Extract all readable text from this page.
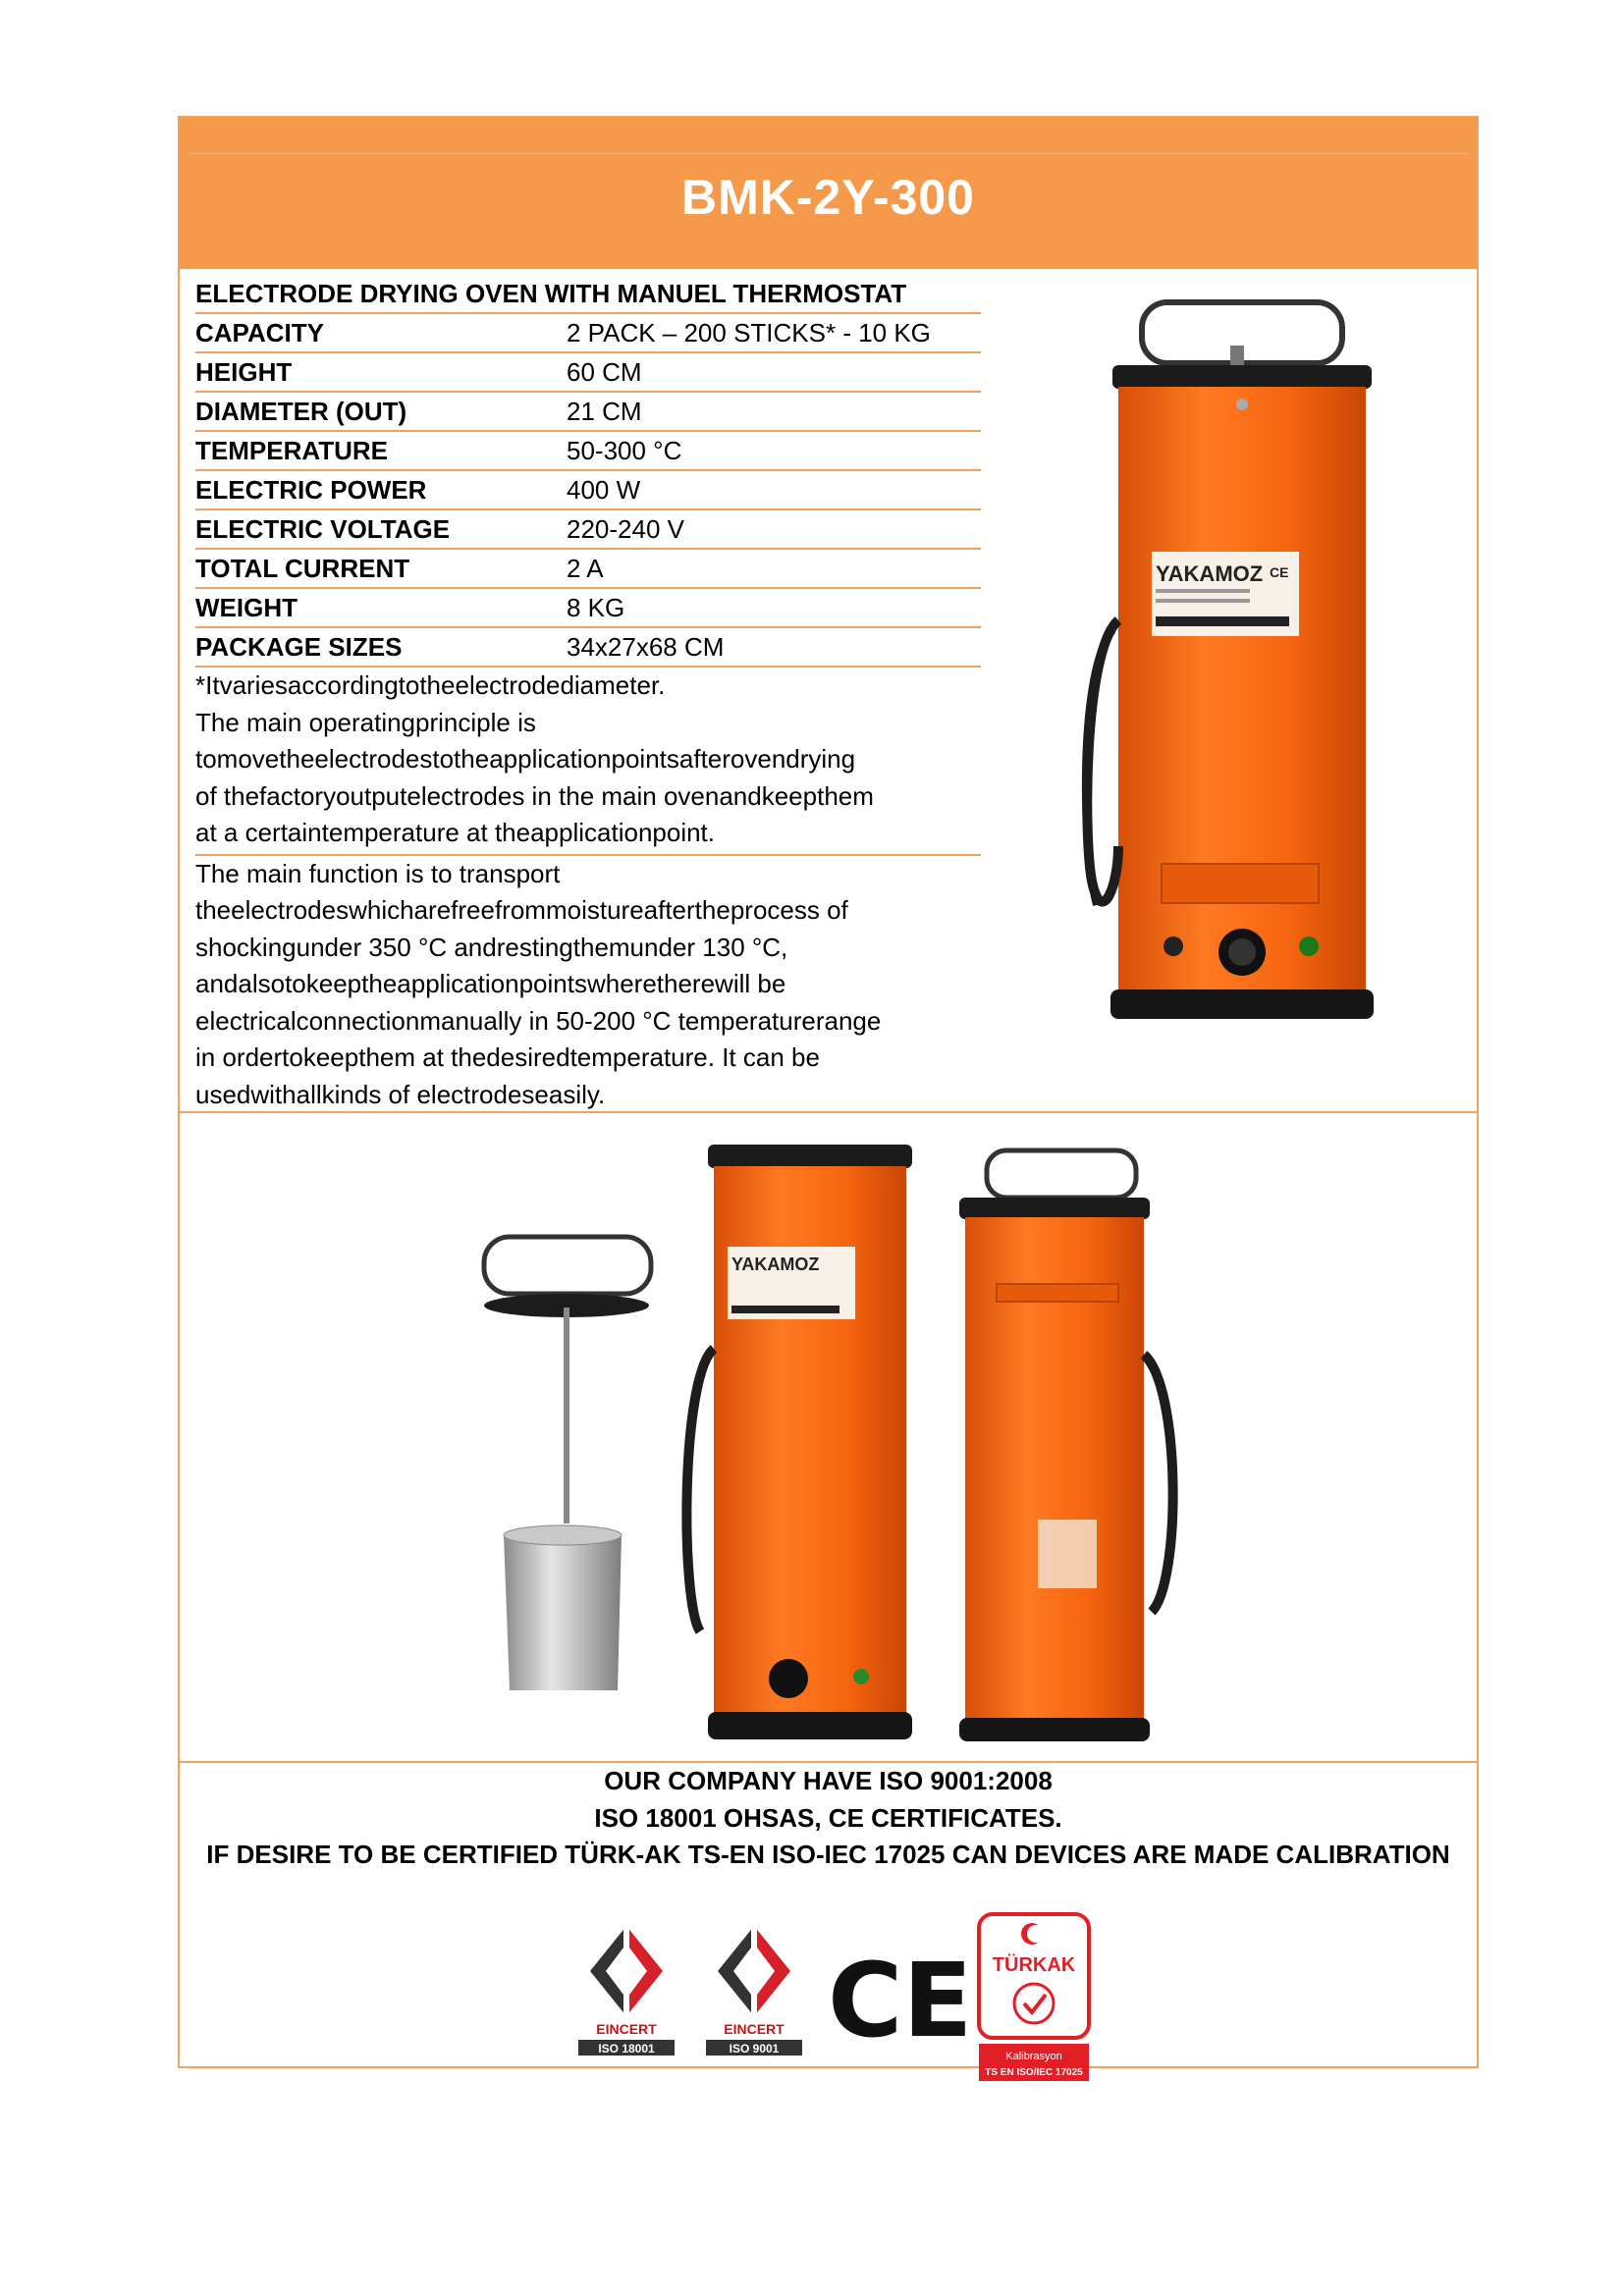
BMK-2Y-300
ELECTRODE DRYING OVEN WITH MANUEL THERMOSTAT
CAPACITY	2 PACK – 200 STICKS* - 10 KG
HEIGHT	60 CM
DIAMETER (OUT)	21 CM
TEMPERATURE	50-300 °C
ELECTRIC POWER	400 W
ELECTRIC VOLTAGE	220-240 V
TOTAL CURRENT	2 A
WEIGHT	8 KG
PACKAGE SIZES	34x27x68 CM
*Itvariesaccordingtotheelectrodediameter.
The main operatingprinciple is
tomovetheelectrodestotheapplicationpointsafterovendrying
of thefactoryoutputelectrodes in the main ovenandkeepthem
at a certaintemperature at theapplicationpoint.
The main function is to transport
theelectrodeswhicharefreefrommoistureaftertheprocess of
shockingunder 350 °C andrestingthemunder 130 °C,
andalsotokeeptheapplicationpointswheretherewill be
electricalconnectionmanually in 50-200 °C temperaturerange
in ordertokeepthem at thedesiredtemperature. It can be
usedwithallkinds of electrodeseasily.
YAKAMOZ CE
YAKAMOZ
OUR COMPANY HAVE ISO 9001:2008
ISO 18001 OHSAS, CE CERTIFICATES.
IF DESIRE TO BE CERTIFIED TÜRK-AK TS-EN ISO-IEC 17025 CAN DEVICES ARE MADE CALIBRATION
EINCERT
ISO 18001
EINCERT
ISO 9001 CE TÜRKAK
Kalibrasyon
TS EN ISO/IEC 17025
